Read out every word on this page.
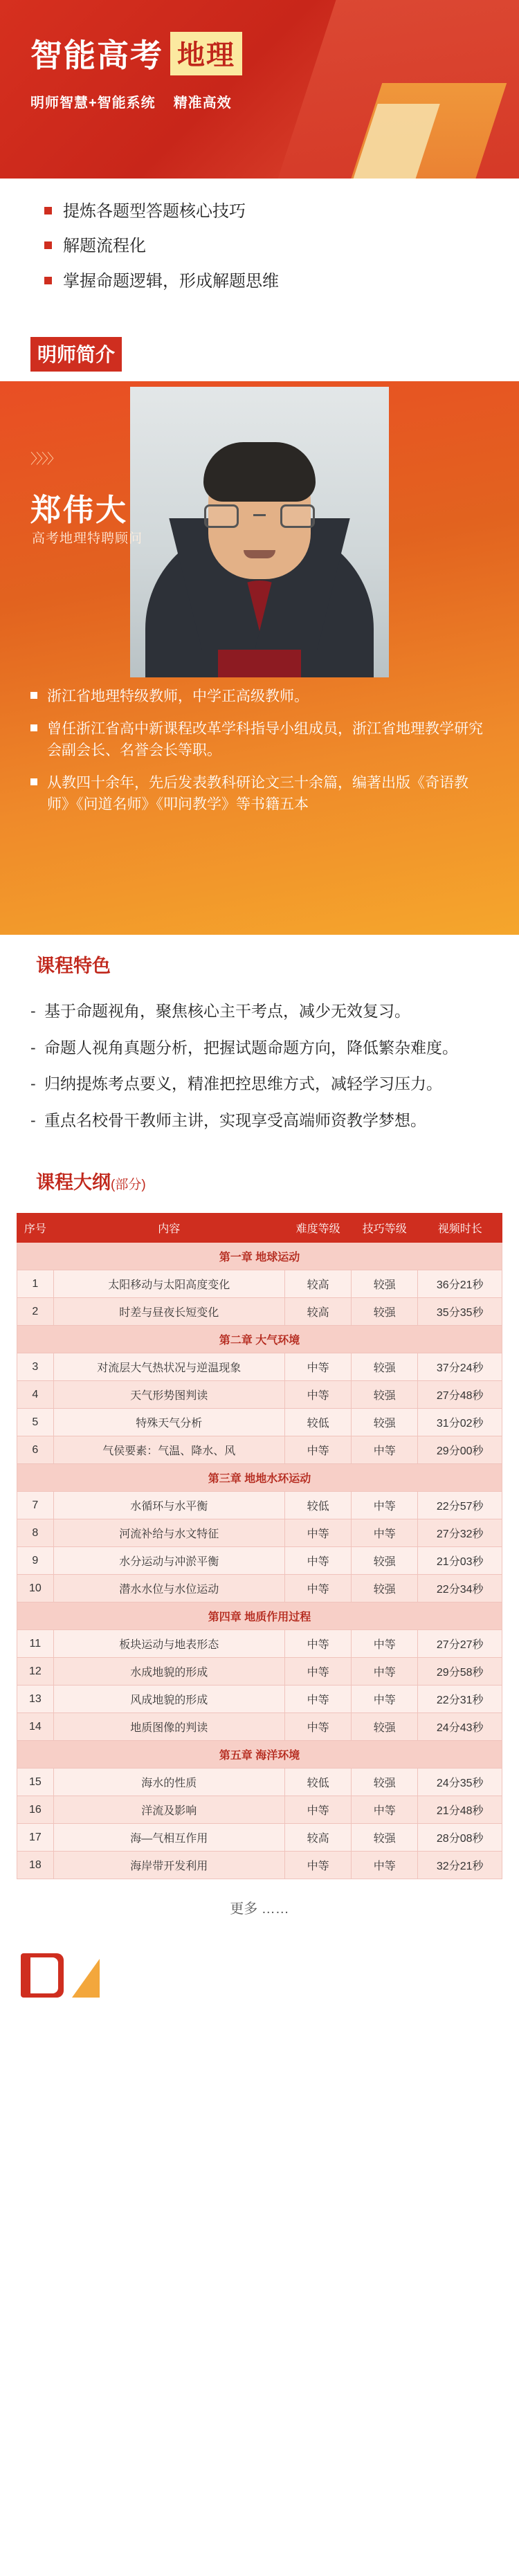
智能高考 地理
明师智慧+智能系统 精准高效
提炼各题型答题核心技巧
解题流程化
掌握命题逻辑，形成解题思维
明师简介
〉〉〉〉
郑伟大
高考地理特聘顾问
浙江省地理特级教师，中学正高级教师。
曾任浙江省高中新课程改革学科指导小组成员，浙江省地理教学研究会副会长、名誉会长等职。
从教四十余年，先后发表教科研论文三十余篇，编著出版《奇语教师》《问道名师》《叩问教学》等书籍五本
课程特色
- 基于命题视角，聚焦核心主干考点，减少无效复习。
- 命题人视角真题分析，把握试题命题方向，降低繁杂难度。
- 归纳提炼考点要义，精准把控思维方式，减轻学习压力。
- 重点名校骨干教师主讲，实现享受高端师资教学梦想。
课程大纲(部分)
序号	内容	难度等级	技巧等级	视频时长
第一章 地球运动				
1	太阳移动与太阳高度变化	较高	较强	36分21秒
2	时差与昼夜长短变化	较高	较强	35分35秒
第二章 大气环境				
3	对流层大气热状况与逆温现象	中等	较强	37分24秒
4	天气形势图判读	中等	较强	27分48秒
5	特殊天气分析	较低	较强	31分02秒
6	气侯要素：气温、降水、风	中等	中等	29分00秒
第三章 地地水环运动				
7	水循环与水平衡	较低	中等	22分57秒
8	河流补给与水文特征	中等	中等	27分32秒
9	水分运动与冲淤平衡	中等	较强	21分03秒
10	潜水水位与水位运动	中等	较强	22分34秒
第四章 地质作用过程				
11	板块运动与地表形态	中等	中等	27分27秒
12	水成地貌的形成	中等	中等	29分58秒
13	风成地貌的形成	中等	中等	22分31秒
14	地质图像的判读	中等	较强	24分43秒
第五章 海洋环境				
15	海水的性质	较低	较强	24分35秒
16	洋流及影响	中等	中等	21分48秒
17	海—气相互作用	较高	较强	28分08秒
18	海岸带开发利用	中等	中等	32分21秒
更多 ……
